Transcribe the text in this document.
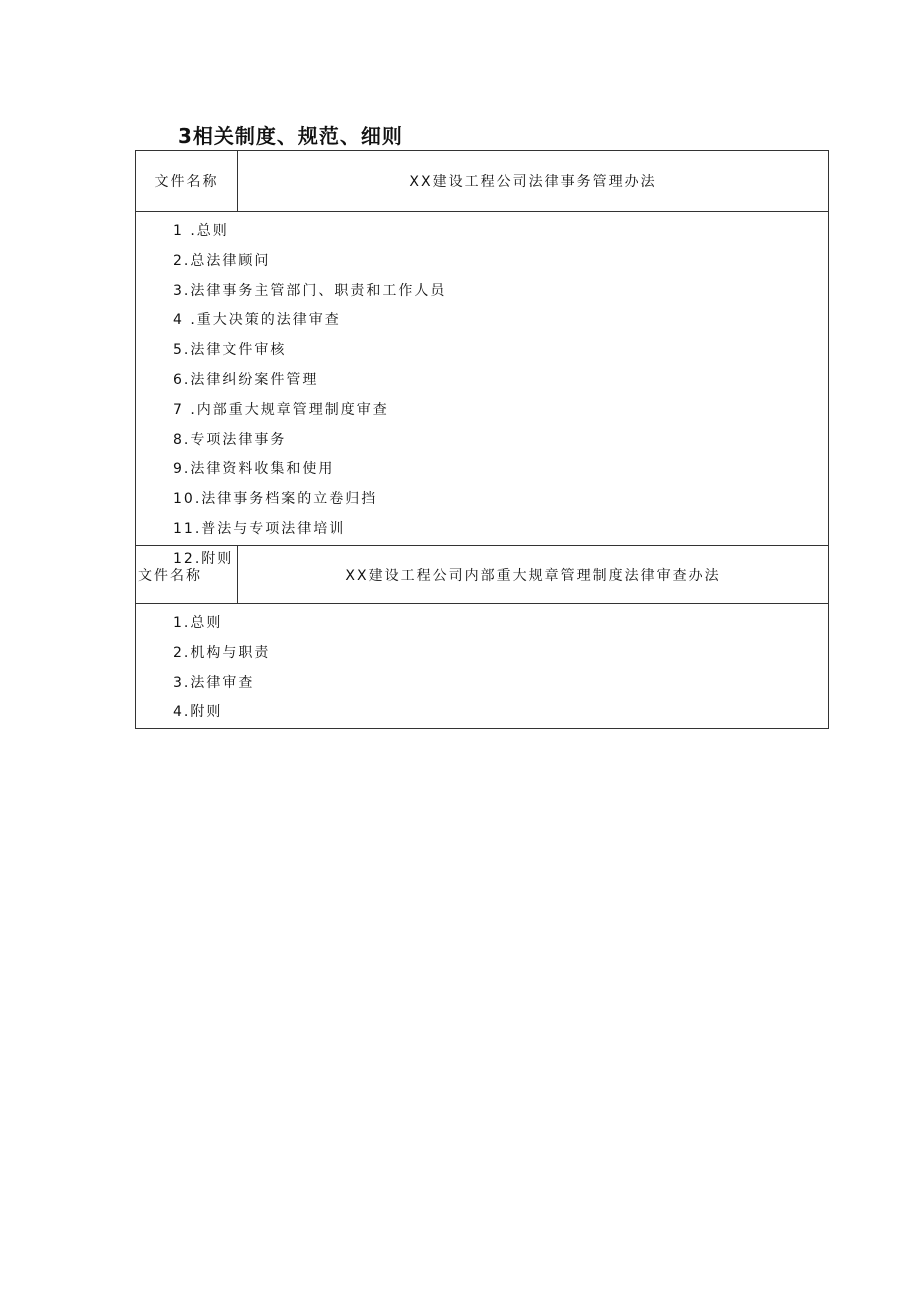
3相关制度、规范、细则
文件名称	XX建设工程公司法律事务管理办法
1 .总则
2.总法律顾问
3.法律事务主管部门、职责和工作人员
4 .重大决策的法律审查
5.法律文件审核
6.法律纠纷案件管理
7 .内部重大规章管理制度审查
8.专项法律事务
9.法律资料收集和使用
10.法律事务档案的立卷归挡
11.普法与专项法律培训
12.附则
文件名称	XX建设工程公司内部重大规章管理制度法律审查办法
1.总则
2.机构与职责
3.法律审查
4.附则
